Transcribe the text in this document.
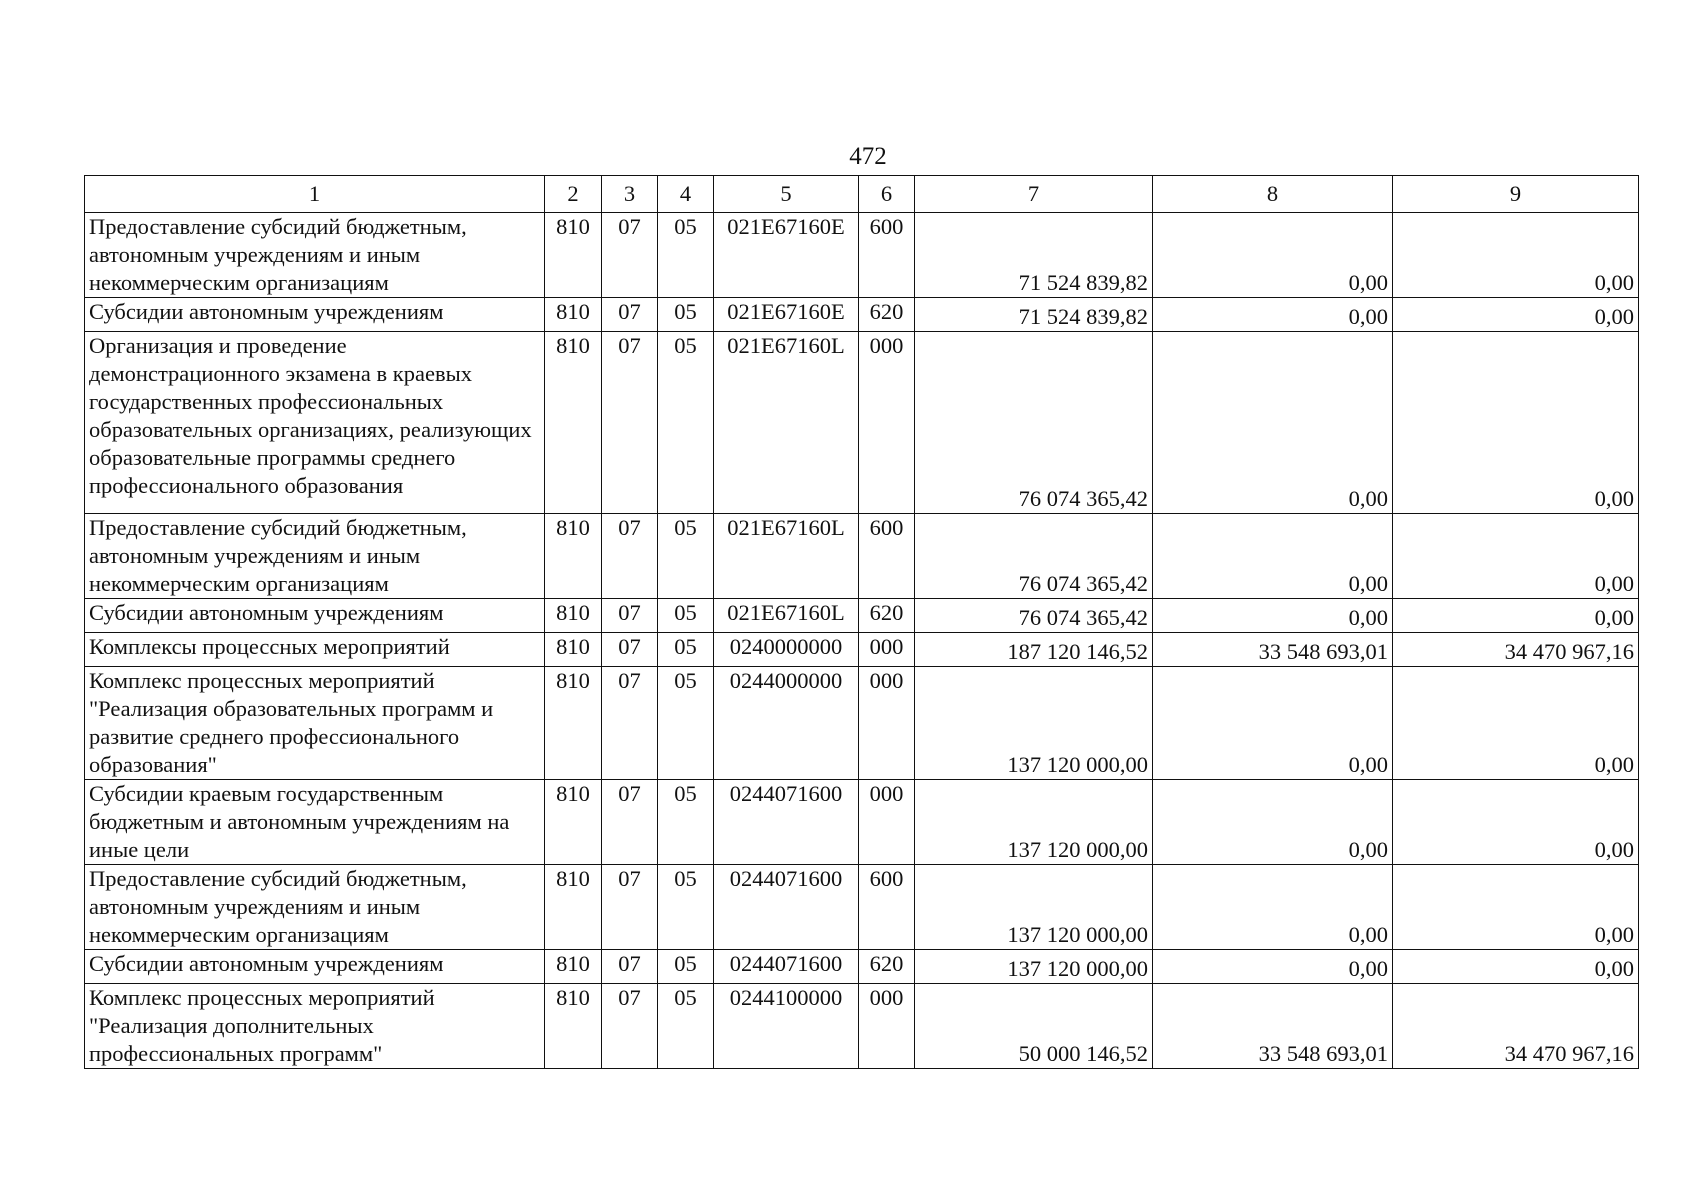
472
1	2	3	4	5	6	7	8	9
Предоставление субсидий бюджетным, автономным учреждениям и иным некоммерческим организациям	810	07	05	021E67160E	600	71 524 839,82	0,00	0,00
Субсидии автономным учреждениям	810	07	05	021E67160E	620	71 524 839,82	0,00	0,00
Организация и проведение демонстрационного экзамена в краевых государственных профессиональных образовательных организациях, реализующих образовательные программы среднего профессионального образования	810	07	05	021E67160L	000	76 074 365,42	0,00	0,00
Предоставление субсидий бюджетным, автономным учреждениям и иным некоммерческим организациям	810	07	05	021E67160L	600	76 074 365,42	0,00	0,00
Субсидии автономным учреждениям	810	07	05	021E67160L	620	76 074 365,42	0,00	0,00
Комплексы процессных мероприятий	810	07	05	0240000000	000	187 120 146,52	33 548 693,01	34 470 967,16
Комплекс процессных мероприятий "Реализация образовательных программ и развитие среднего профессионального образования"	810	07	05	0244000000	000	137 120 000,00	0,00	0,00
Субсидии краевым государственным бюджетным и автономным учреждениям на иные цели	810	07	05	0244071600	000	137 120 000,00	0,00	0,00
Предоставление субсидий бюджетным, автономным учреждениям и иным некоммерческим организациям	810	07	05	0244071600	600	137 120 000,00	0,00	0,00
Субсидии автономным учреждениям	810	07	05	0244071600	620	137 120 000,00	0,00	0,00
Комплекс процессных мероприятий "Реализация дополнительных профессиональных программ"	810	07	05	0244100000	000	50 000 146,52	33 548 693,01	34 470 967,16
